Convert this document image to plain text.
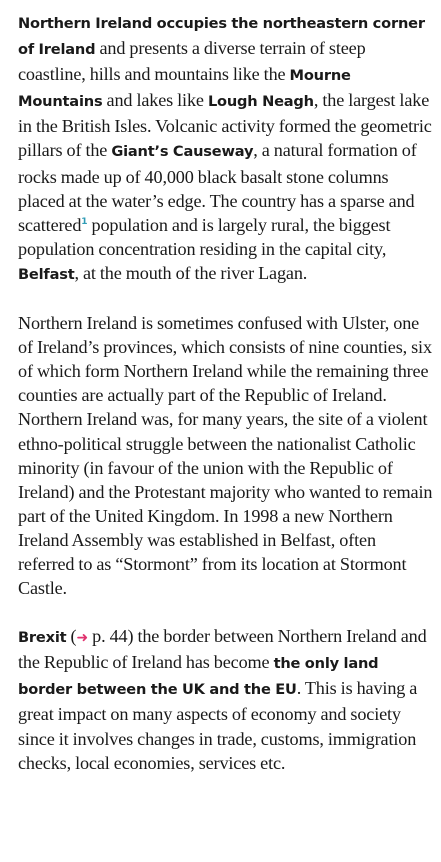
Northern Ireland occupies the northeastern corner of Ireland and presents a diverse terrain of steep coastline, hills and mountains like the Mourne Mountains and lakes like Lough Neagh, the largest lake in the British Isles. Volcanic activity formed the geometric pillars of the Giant’s Causeway, a natural formation of rocks made up of 40,000 black basalt stone columns placed at the water’s edge. The country has a sparse and scattered$^1$ population and is largely rural, the biggest population concentration residing in the capital city, Belfast, at the mouth of the river Lagan.

Northern Ireland is sometimes confused with Ulster, one of Ireland’s provinces, which consists of nine counties, six of which form Northern Ireland while the remaining three counties are actually part of the Republic of Ireland.

Northern Ireland was, for many years, the site of a violent ethno-political struggle between the nationalist Catholic minority (in favour of the union with the Republic of Ireland) and the Protestant majority who wanted to remain part of the United Kingdom. In 1998 a new Northern Ireland Assembly was established in Belfast, often referred to as “Stormont” from its location at Stormont Castle.

Brexit (➜ p. 44) the border between Northern Ireland and the Republic of Ireland has become the only land border between the UK and the EU. This is having a great impact on many aspects of economy and society since it involves changes in trade, customs, immigration checks, local economies, services etc.
